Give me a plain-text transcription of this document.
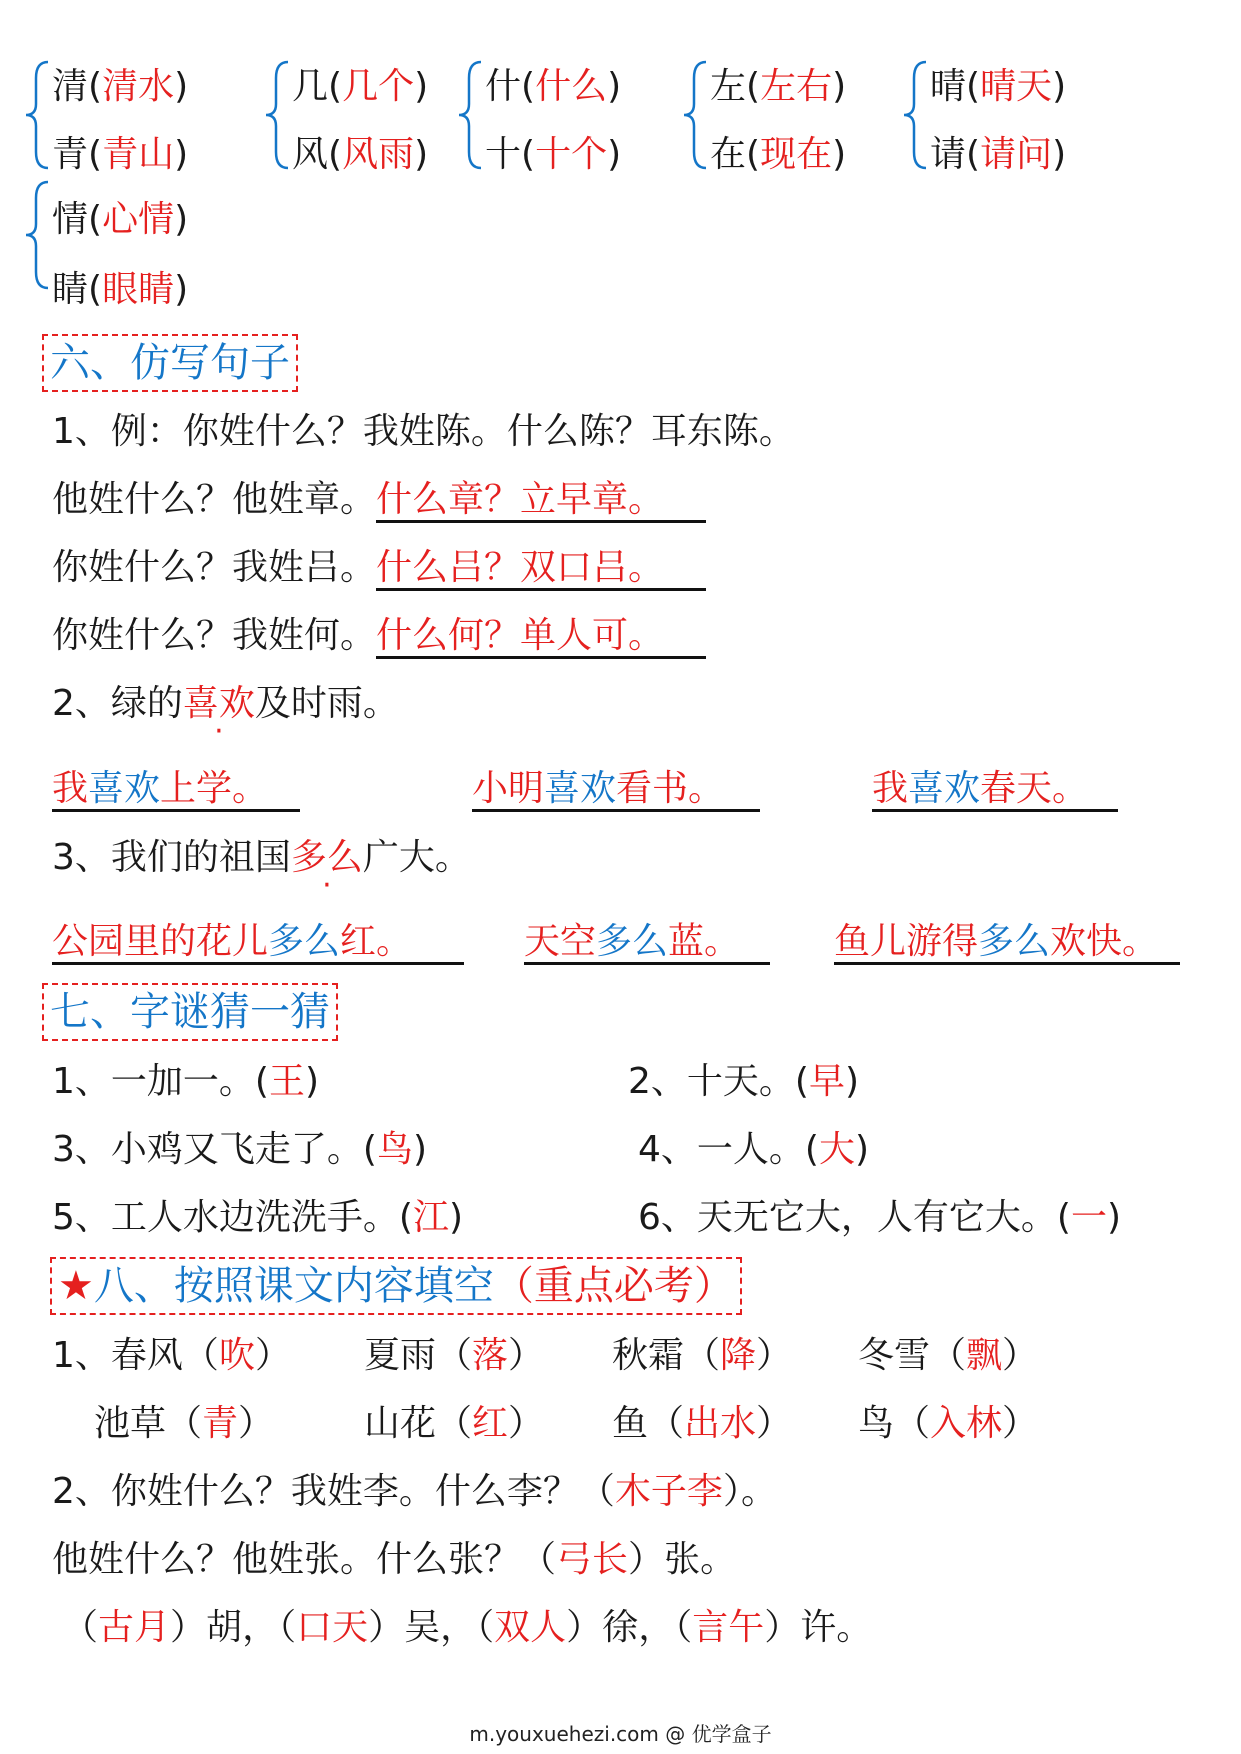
清(清水)
青(青山)
几(几个)
风(风雨)
什(什么)
十(十个)
左(左右)
在(现在)
晴(晴天)
请(请问)
情(心情)
睛(眼睛)
六、仿写句子
1、例：你姓什么？我姓陈。什么陈？耳东陈。
他姓什么？他姓章。什么章？立早章。
你姓什么？我姓吕。什么吕？双口吕。
你姓什么？我姓何。什么何？单人可。
2、绿的喜欢及时雨。
我喜欢上学。	小明喜欢看书。	我喜欢春天。
3、我们的祖国多么广大。
公园里的花儿多么红。	天空多么蓝。	鱼儿游得多么欢快。
七、字谜猜一猜
1、一加一。(王)	2、十天。(早)
3、小鸡又飞走了。(鸟)	4、一人。(大)
5、工人水边洗洗手。(江)	6、天无它大，人有它大。(一)
★八、按照课文内容填空（重点必考）
1、春风（吹） 夏雨（落） 秋霜（降） 冬雪（飘）
池草（青） 山花（红） 鱼（出水） 鸟（入林）
2、你姓什么？我姓李。什么李？（木子李）。
他姓什么？他姓张。什么张？（弓长）张。
（古月）胡，（口天）吴，（双人）徐，（言午）许。
m.youxuehezi.com @ 优学盒子
